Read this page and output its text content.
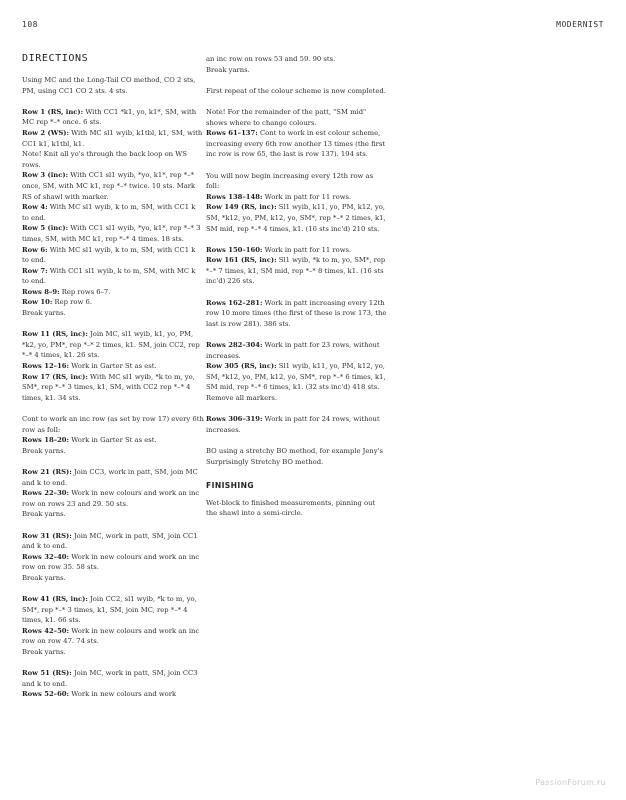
108	MODERNIST
DIRECTIONS

Using MC and the Long-Tail CO method, CO 2 sts, PM, using CC1 CO 2 sts. 4 sts.

Row 1 (RS, inc): With CC1 *k1, yo, k1*, SM, with MC rep *–* once. 6 sts.
Row 2 (WS): With MC sl1 wyib, k1tbl, k1, SM, with CC1 k1, k1tbl, k1.
Note! Knit all yo's through the back loop on WS rows.
Row 3 (inc): With CC1 sl1 wyib, *yo, k1*, rep *–* once, SM, with MC k1, rep *–* twice. 10 sts. Mark RS of shawl with marker.
Row 4: With MC sl1 wyib, k to m, SM, with CC1 k to end.
Row 5 (inc): With CC1 sl1 wyib, *yo, k1*, rep *–* 3 times, SM, with MC k1, rep *–* 4 times. 18 sts.
Row 6: With MC sl1 wyib, k to m, SM, with CC1 k to end.
Row 7: With CC1 sl1 wyib, k to m, SM, with MC k to end.
Rows 8–9: Rep rows 6–7.
Row 10: Rep row 6.
Break yarns.

Row 11 (RS, inc): Join MC, sl1 wyib, k1, yo, PM, *k2, yo, PM*, rep *–* 2 times, k1. SM, join CC2, rep *–* 4 times, k1. 26 sts.
Rows 12–16: Work in Garter St as est.
Row 17 (RS, inc): With MC sl1 wyib, *k to m, yo, SM*, rep *–* 3 times, k1, SM, with CC2 rep *–* 4 times, k1. 34 sts.

Cont to work an inc row (as set by row 17) every 6th row as foll:
Rows 18–20: Work in Garter St as est.
Break yarns.

Row 21 (RS): Join CC3, work in patt, SM, join MC and k to end.
Rows 22–30: Work in new colours and work an inc row on rows 23 and 29. 50 sts.
Break yarns.

Row 31 (RS): Join MC, work in patt, SM, join CC1 and k to end.
Rows 32–40: Work in new colours and work an inc row on row 35. 58 sts.
Break yarns.

Row 41 (RS, inc): Join CC2, sl1 wyib, *k to m, yo, SM*, rep *–* 3 times, k1, SM, join MC, rep *–* 4 times, k1. 66 sts.
Rows 42–50: Work in new colours and work an inc row on row 47. 74 sts.
Break yarns.

Row 51 (RS): Join MC, work in patt, SM, join CC3 and k to end.
Rows 52–60: Work in new colours and work

an inc row on rows 53 and 59. 90 sts.
Break yarns.

First repeat of the colour scheme is now completed.

Note! For the remainder of the patt, "SM mid" shows where to change colours.
Rows 61–137: Cont to work in est colour scheme, increasing every 6th row another 13 times (the first inc row is row 65, the last is row 137). 194 sts.

You will now begin increasing every 12th row as foll:
Rows 138–148: Work in patt for 11 rows.
Row 149 (RS, inc): Sl1 wyib, k11, yo, PM, k12, yo, SM, *k12, yo, PM, k12, yo, SM*, rep *–* 2 times, k1, SM mid, rep *–* 4 times, k1. (16 sts inc'd) 210 sts.

Rows 150–160: Work in patt for 11 rows.
Row 161 (RS, inc): Sl1 wyib, *k to m, yo, SM*, rep *–* 7 times, k1, SM mid, rep *–* 8 times, k1. (16 sts inc'd) 226 sts.

Rows 162–281: Work in patt increasing every 12th row 10 more times (the first of these is row 173, the last is row 281). 386 sts.

Rows 282–304: Work in patt for 23 rows, without increases.
Row 305 (RS, inc): Sl1 wyib, k11, yo, PM, k12, yo, SM, *k12, yo, PM, k12, yo, SM*, rep *–* 6 times, k1, SM mid, rep *–* 6 times, k1. (32 sts inc'd) 418 sts.
Remove all markers.

Rows 306–319: Work in patt for 24 rows, without increases.

BO using a stretchy BO method, for example Jeny's Surprisingly Stretchy BO method.

FINISHING
Wet-block to finished measurements, pinning out the shawl into a semi-circle.

PassionForum.ru
